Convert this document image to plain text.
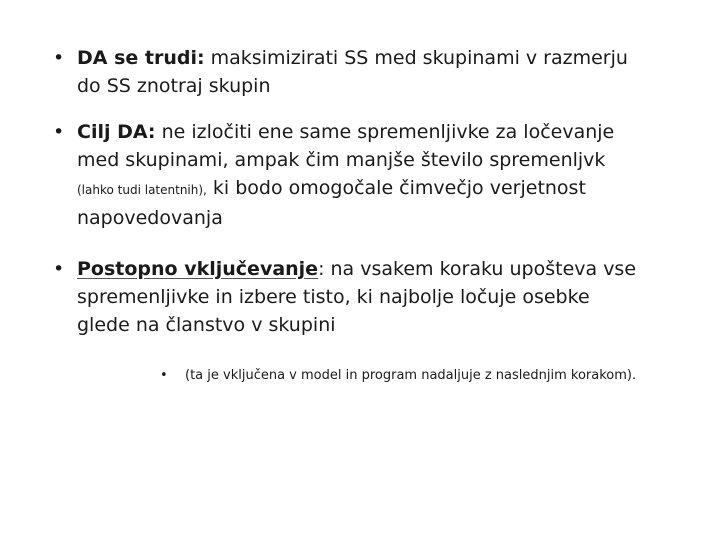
• DA se trudi: maksimizirati SS med skupinami v razmerju
do SS znotraj skupin
• Cilj DA: ne izločiti ene same spremenljivke za ločevanje
med skupinami, ampak čim manjše število spremenljvk
(lahko tudi latentnih), ki bodo omogočale čimvečjo verjetnost
napovedovanja
• Postopno vključevanje: na vsakem koraku upošteva vse
spremenljivke in izbere tisto, ki najbolje ločuje osebke
glede na članstvo v skupini
• (ta je vključena v model in program nadaljuje z naslednjim korakom).
